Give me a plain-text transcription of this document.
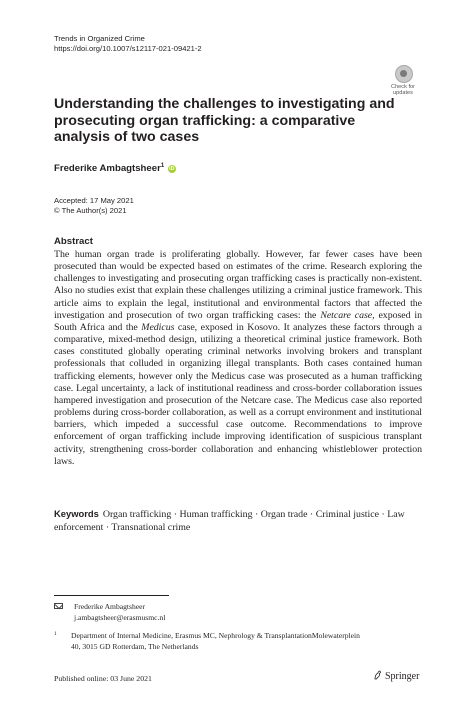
Trends in Organized Crime
https://doi.org/10.1007/s12117-021-09421-2
Check for
updates
Understanding the challenges to investigating and prosecuting organ trafficking: a comparative analysis of two cases
Frederike Ambagtsheer$^1$ iD
Accepted: 17 May 2021
© The Author(s) 2021
Abstract

The human organ trade is proliferating globally. However, far fewer cases have been prosecuted than would be expected based on estimates of the crime. Research exploring the challenges to investigating and prosecuting organ trafficking cases is practically non-existent. Also no studies exist that explain these challenges utilizing a criminal justice framework. This article aims to explain the legal, institutional and environmental factors that affected the investigation and prosecution of two organ trafficking cases: the Netcare case, exposed in South Africa and the Medicus case, exposed in Kosovo. It analyzes these factors through a comparative, mixed-method design, utilizing a theoretical criminal justice framework. Both cases constituted globally operating criminal networks involving brokers and transplant professionals that colluded in organizing illegal transplants. Both cases contained human trafficking elements, however only the Medicus case was prosecuted as a human trafficking case. Legal uncertainty, a lack of institutional readiness and cross-border collaboration issues hampered investigation and prosecution of the Netcare case. The Medicus case also reported problems during cross-border collaboration, as well as a corrupt environment and institutional barriers, which impeded a successful case outcome. Recommendations to improve enforcement of organ trafficking include improving identification of suspicious transplant activity, strengthening cross-border collaboration and enhancing whistleblower protection laws.

Keywords Organ trafficking · Human trafficking · Organ trade · Criminal justice · Law enforcement · Transnational crime
Frederike Ambagtsheer
j.ambagtsheer@erasmusmc.nl
1	Department of Internal Medicine, Erasmus MC, Nephrology & TransplantationMolewaterplein
40, 3015 GD Rotterdam, The Netherlands
Published online: 03 June 2021	Springer
